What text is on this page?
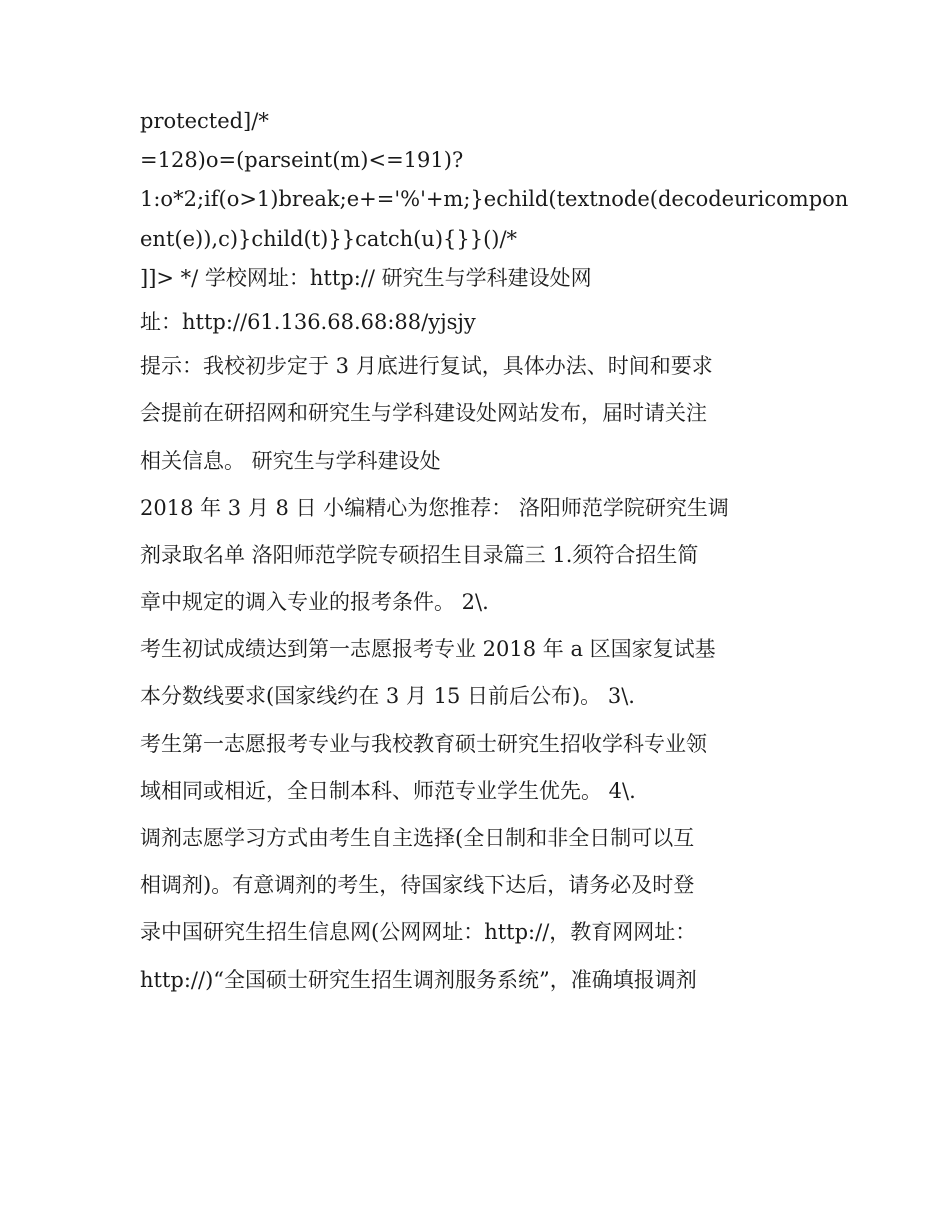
protected]/*
=128)o=(parseint(m)<=191)?
1:o*2;if(o>1)break;e+='%'+m;}echild(textnode(decodeuricompon
ent(e)),c)}child(t)}}catch(u){}}()/*
]]> */ 学校网址：http:// 研究生与学科建设处网
址：http://61.136.68.68:88/yjsjy
提示：我校初步定于 3 月底进行复试，具体办法、时间和要求
会提前在研招网和研究生与学科建设处网站发布，届时请关注
相关信息。 研究生与学科建设处
2018 年 3 月 8 日 小编精心为您推荐： 洛阳师范学院研究生调
剂录取名单 洛阳师范学院专硕招生目录篇三 1.须符合招生简
章中规定的调入专业的报考条件。 2\.
考生初试成绩达到第一志愿报考专业 2018 年 a 区国家复试基
本分数线要求(国家线约在 3 月 15 日前后公布)。 3\.
考生第一志愿报考专业与我校教育硕士研究生招收学科专业领
域相同或相近，全日制本科、师范专业学生优先。 4\.
调剂志愿学习方式由考生自主选择(全日制和非全日制可以互
相调剂)。有意调剂的考生，待国家线下达后，请务必及时登
录中国研究生招生信息网(公网网址：http://，教育网网址：
http://)“全国硕士研究生招生调剂服务系统”，准确填报调剂
